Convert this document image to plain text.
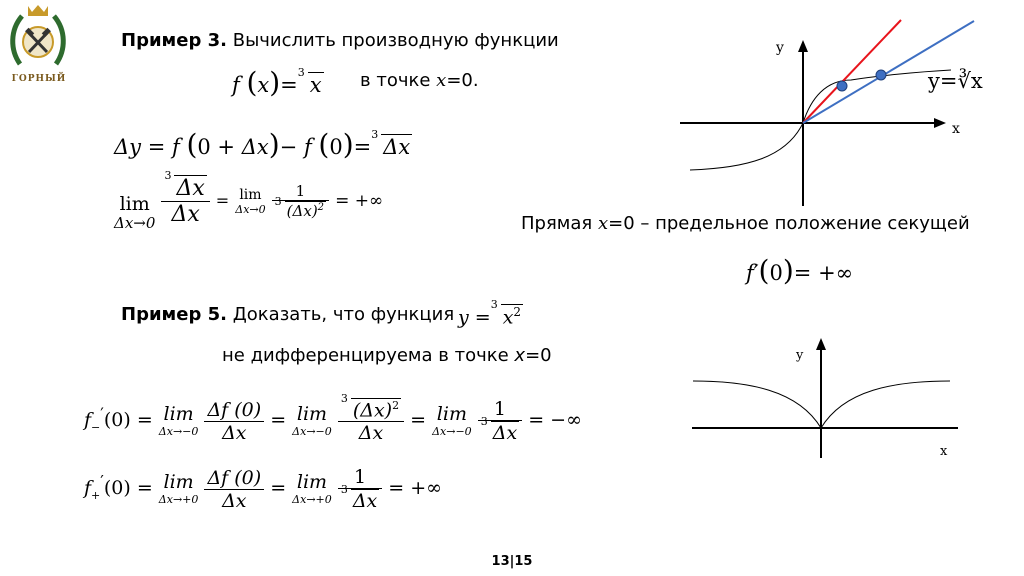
ГОРНЫЙ
Пример 3. Вычислить производную функции
f (x)=
3
x в точке x=0.
Δy = f (0 + Δx)− f (0)=
3
Δx
lim
Δx→0
3
Δx
Δx = lim
Δx→0
1
3
$(\Delta x)^2$ = +∞
y
x
y=∛x
Прямая x=0 – предельное положение секущей
f′(0)= +∞
Пример 5. Доказать, что функция y =
3
$x^2$
не дифференцируема в точке x=0
$f_-'(0) = \lim$
Δx→−0
$\frac{\Delta f (0)}{\Delta x} = \lim$
Δx→−0
3
$(\Delta x)^2$
Δx = lim
Δx→−0
1
3
Δx = −∞
$f_+'(0) = \lim$
Δx→+0
$\frac{\Delta f (0)}{\Delta x} = \lim$
Δx→+0
1
3
Δx = +∞
y
x
13|15
